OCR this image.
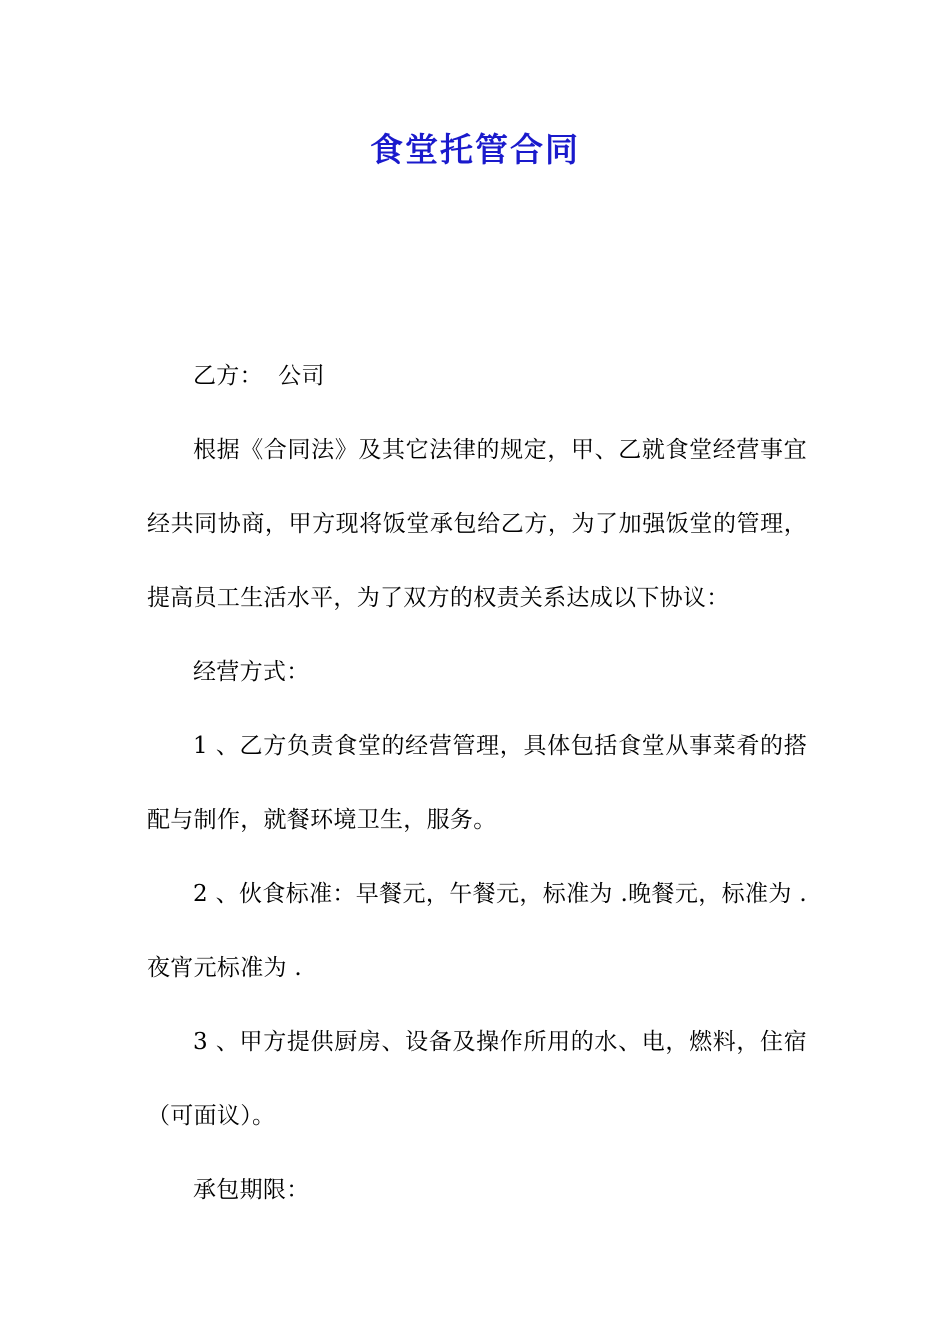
食堂托管合同

乙方：  公司

根据《合同法》及其它法律的规定，甲、乙就食堂经营事宜经共同协商，甲方现将饭堂承包给乙方，为了加强饭堂的管理，提高员工生活水平，为了双方的权责关系达成以下协议：

经营方式：

1 、乙方负责食堂的经营管理，具体包括食堂从事菜肴的搭配与制作，就餐环境卫生，服务。

2 、伙食标准：早餐元，午餐元，标准为 .晚餐元，标准为 .夜宵元标准为 .

3 、甲方提供厨房、设备及操作所用的水、电，燃料，住宿（可面议）。

承包期限：
